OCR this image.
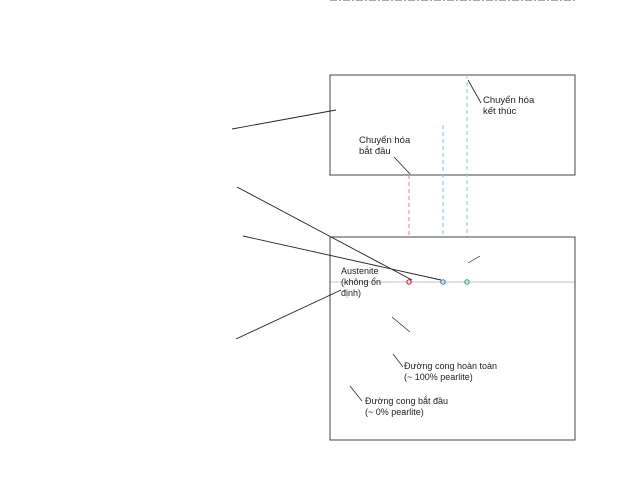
Chuyển hóa
kết thúc
Chuyển hóa
bắt đầu
Austenite
(không ổn
định)
Đường cong hoàn toàn
(~ 100% pearlite)
Đường cong bắt đầu
(~ 0% pearlite)
